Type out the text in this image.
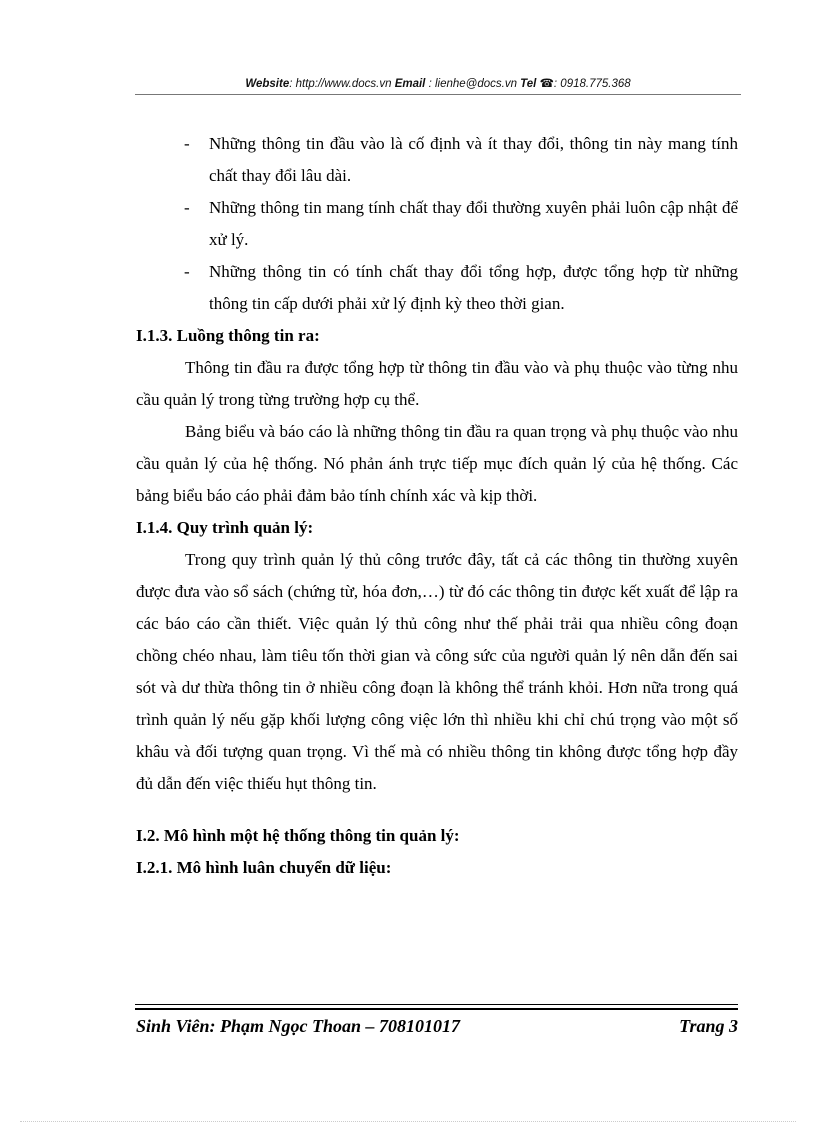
Website: http://www.docs.vn Email : lienhe@docs.vn Tel ☎: 0918.775.368
- Những thông tin đầu vào là cố định và ít thay đổi, thông tin này mang tính chất thay đổi lâu dài.
- Những thông tin mang tính chất thay đổi thường xuyên phải luôn cập nhật để xử lý.
- Những thông tin có tính chất thay đổi tổng hợp, được tổng hợp từ những thông tin cấp dưới phải xử lý định kỳ theo thời gian.
I.1.3. Luồng thông tin ra:

Thông tin đầu ra được tổng hợp từ thông tin đầu vào và phụ thuộc vào từng nhu cầu quản lý trong từng trường hợp cụ thể.

Bảng biểu và báo cáo là những thông tin đầu ra quan trọng và phụ thuộc vào nhu cầu quản lý của hệ thống. Nó phản ánh trực tiếp mục đích quản lý của hệ thống. Các bảng biểu báo cáo phải đảm bảo tính chính xác và kịp thời.

I.1.4. Quy trình quản lý:

Trong quy trình quản lý thủ công trước đây, tất cả các thông tin thường xuyên được đưa vào sổ sách (chứng từ, hóa đơn,…) từ đó các thông tin được kết xuất để lập ra các báo cáo cần thiết. Việc quản lý thủ công như thế phải trải qua nhiều công đoạn chồng chéo nhau, làm tiêu tốn thời gian và công sức của người quản lý nên dẫn đến sai sót và dư thừa thông tin ở nhiều công đoạn là không thể tránh khỏi. Hơn nữa trong quá trình quản lý nếu gặp khối lượng công việc lớn thì nhiều khi chỉ chú trọng vào một số khâu và đối tượng quan trọng. Vì thế mà có nhiều thông tin không được tổng hợp đầy đủ dẫn đến việc thiếu hụt thông tin.

I.2. Mô hình một hệ thống thông tin quản lý:
I.2.1. Mô hình luân chuyển dữ liệu:
Sinh Viên: Phạm Ngọc Thoan – 708101017	Trang 3
